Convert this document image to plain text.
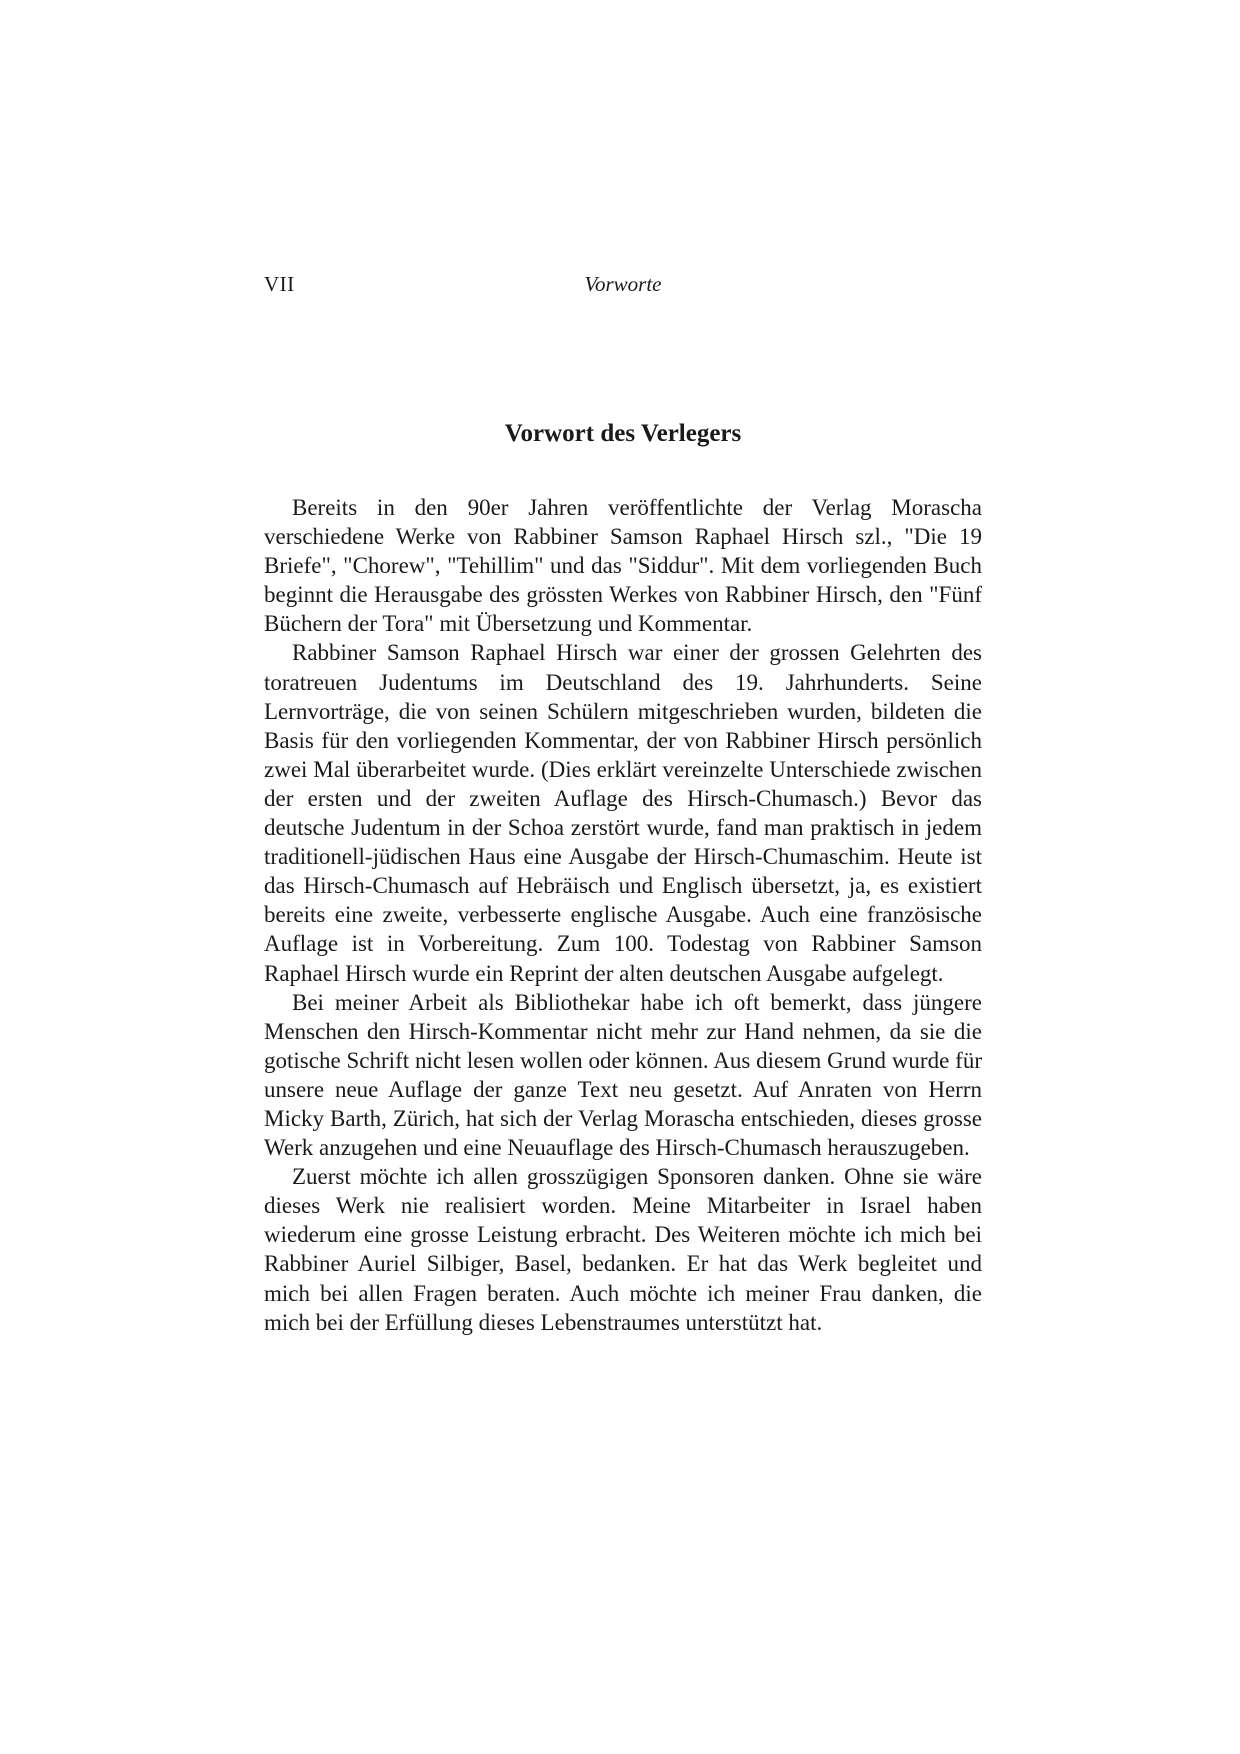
VII	Vorworte
Vorwort des Verlegers

Bereits in den 90er Jahren veröffentlichte der Verlag Morascha verschiedene Werke von Rabbiner Samson Raphael Hirsch szl., "Die 19 Briefe", "Chorew", "Tehillim" und das "Siddur". Mit dem vorliegenden Buch beginnt die Herausgabe des grössten Werkes von Rabbiner Hirsch, den "Fünf Büchern der Tora" mit Übersetzung und Kommentar.

Rabbiner Samson Raphael Hirsch war einer der grossen Gelehrten des toratreuen Judentums im Deutschland des 19. Jahrhunderts. Seine Lernvorträge, die von seinen Schülern mitgeschrieben wurden, bildeten die Basis für den vorliegenden Kommentar, der von Rabbiner Hirsch persönlich zwei Mal überarbeitet wurde. (Dies erklärt vereinzelte Unterschiede zwischen der ersten und der zweiten Auflage des Hirsch-Chumasch.) Bevor das deutsche Judentum in der Schoa zerstört wurde, fand man praktisch in jedem traditionell-jüdischen Haus eine Ausgabe der Hirsch-Chumaschim. Heute ist das Hirsch-Chumasch auf Hebräisch und Englisch übersetzt, ja, es existiert bereits eine zweite, verbesserte englische Ausgabe. Auch eine französische Auflage ist in Vorbereitung. Zum 100. Todestag von Rabbiner Samson Raphael Hirsch wurde ein Reprint der alten deutschen Ausgabe aufgelegt.

Bei meiner Arbeit als Bibliothekar habe ich oft bemerkt, dass jüngere Menschen den Hirsch-Kommentar nicht mehr zur Hand nehmen, da sie die gotische Schrift nicht lesen wollen oder können. Aus diesem Grund wurde für unsere neue Auflage der ganze Text neu gesetzt. Auf Anraten von Herrn Micky Barth, Zürich, hat sich der Verlag Morascha entschieden, dieses grosse Werk anzugehen und eine Neuauflage des Hirsch-Chumasch herauszugeben.

Zuerst möchte ich allen grosszügigen Sponsoren danken. Ohne sie wäre dieses Werk nie realisiert worden. Meine Mitarbeiter in Israel haben wiederum eine grosse Leistung erbracht. Des Weiteren möchte ich mich bei Rabbiner Auriel Silbiger, Basel, bedanken. Er hat das Werk begleitet und mich bei allen Fragen beraten. Auch möchte ich meiner Frau danken, die mich bei der Erfüllung dieses Lebenstraumes unterstützt hat.
